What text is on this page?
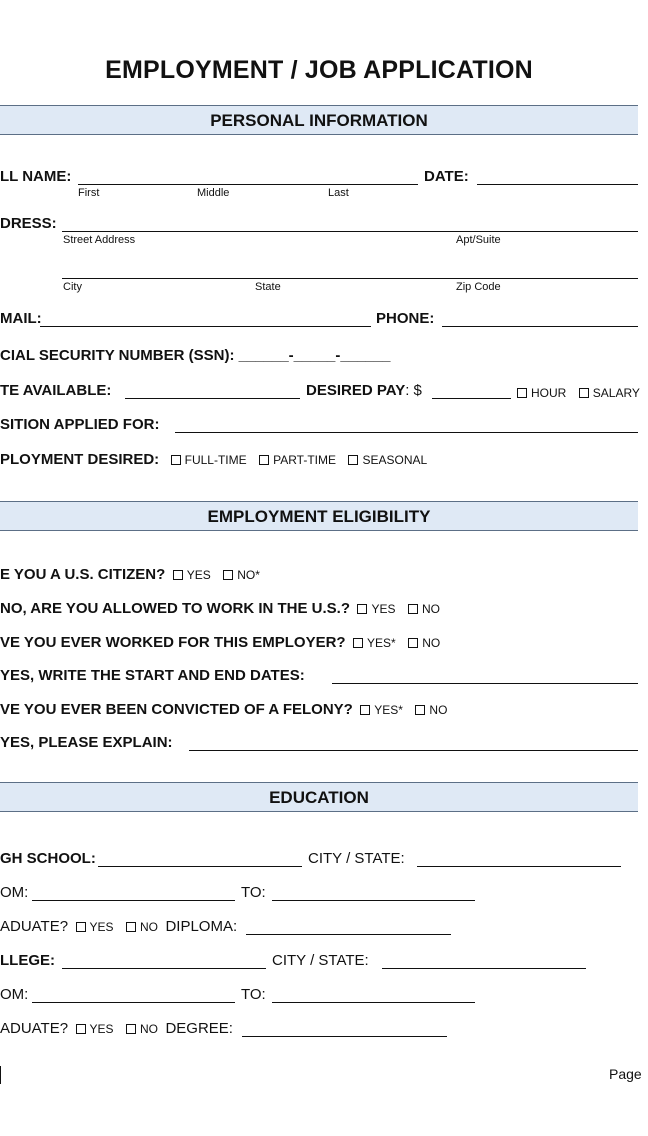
EMPLOYMENT / JOB APPLICATION
PERSONAL INFORMATION
LL NAME:	DATE:
First	Middle	Last
DRESS:
Street Address	Apt/Suite
City	State	Zip Code
MAIL:	PHONE:
CIAL SECURITY NUMBER (SSN): ______-_____-______
TE AVAILABLE:	DESIRED PAY: $	HOUR SALARY
SITION APPLIED FOR:
PLOYMENT DESIRED: FULL-TIME PART-TIME SEASONAL
EMPLOYMENT ELIGIBILITY
E YOU A U.S. CITIZEN? YES NO*
NO, ARE YOU ALLOWED TO WORK IN THE U.S.? YES NO
VE YOU EVER WORKED FOR THIS EMPLOYER? YES* NO
YES, WRITE THE START AND END DATES:
VE YOU EVER BEEN CONVICTED OF A FELONY? YES* NO
YES, PLEASE EXPLAIN:
EDUCATION
GH SCHOOL:	CITY / STATE:
OM:	TO:
ADUATE? YES NO DIPLOMA:
LLEGE:	CITY / STATE:
OM:	TO:
ADUATE? YES NO DEGREE:
Page
